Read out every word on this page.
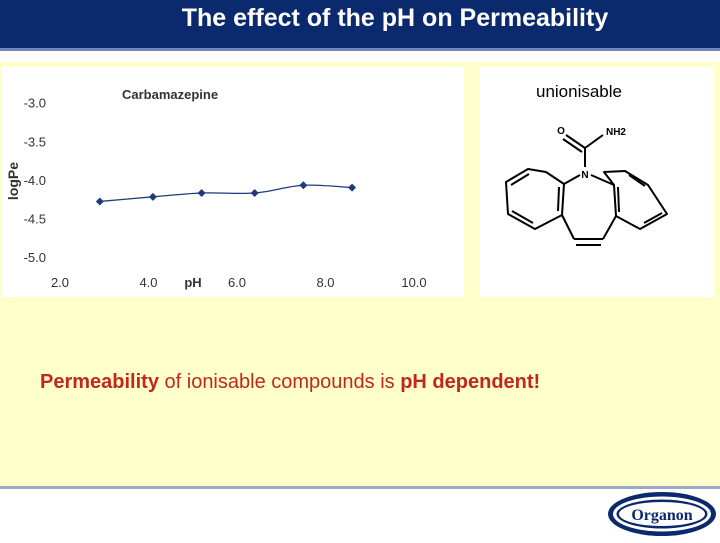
The effect of the pH on Permeability
Carbamazepine
-3.0
-3.5
-4.0
-4.5
-5.0
2.0	4.0	6.0	8.0	10.0
pH
logPe
O	NH2
N
unionisable
Permeability of ionisable compounds is pH dependent!
Organon
